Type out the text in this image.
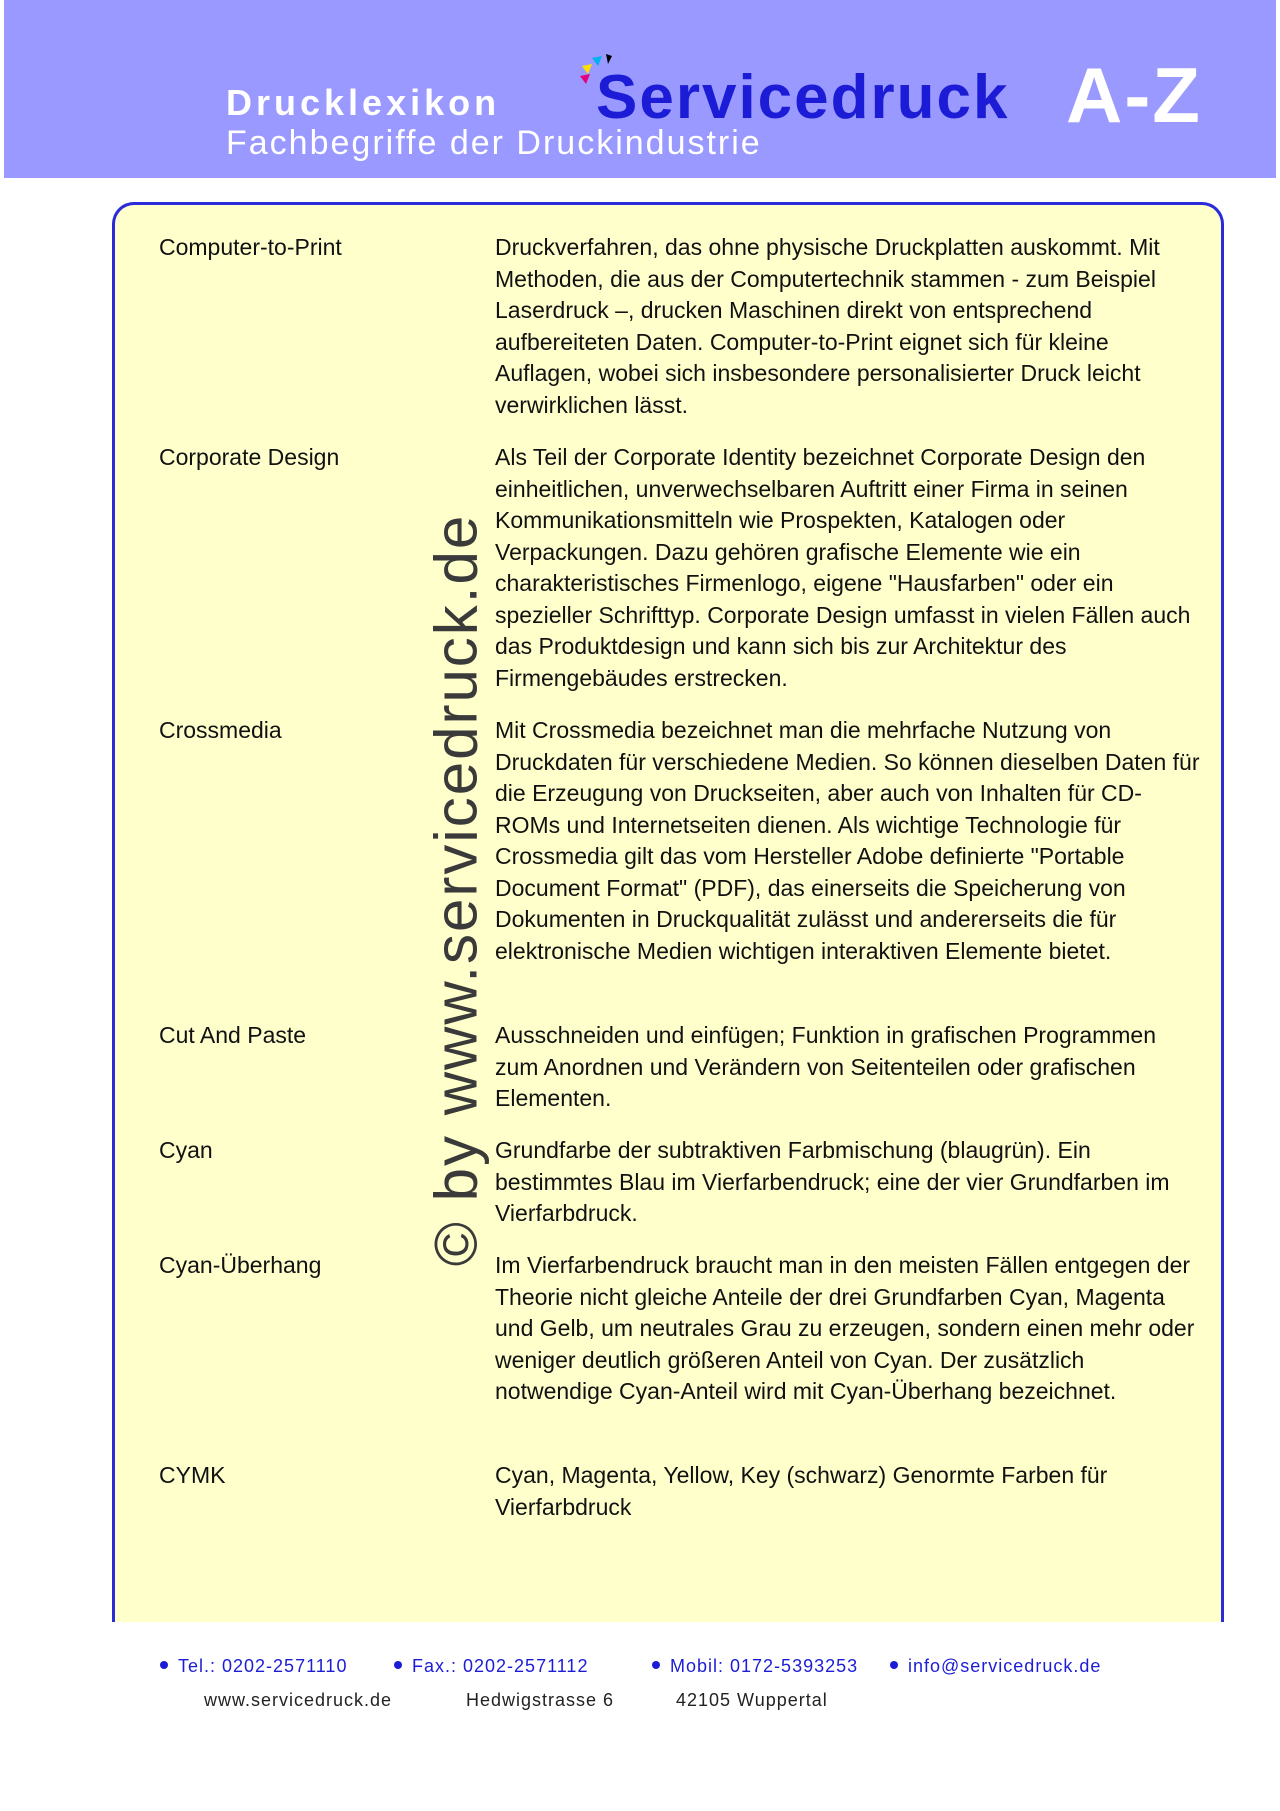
Drucklexikon
Fachbegriffe der Druckindustrie
Servicedruck A-Z
© by www.servicedruck.de
Computer-to-Print	Druckverfahren, das ohne physische Druckplatten auskommt. Mit Methoden, die aus der Computertechnik stammen - zum Beispiel Laserdruck –, drucken Maschinen direkt von entsprechend aufbereiteten Daten. Computer-to-Print eignet sich für kleine Auflagen, wobei sich insbesondere personalisierter Druck leicht verwirklichen lässt.
Corporate Design	Als Teil der Corporate Identity bezeichnet Corporate Design den einheitlichen, unverwechselbaren Auftritt einer Firma in seinen Kommunikationsmitteln wie Prospekten, Katalogen oder Verpackungen. Dazu gehören grafische Elemente wie ein charakteristisches Firmenlogo, eigene "Hausfarben" oder ein spezieller Schrifttyp. Corporate Design umfasst in vielen Fällen auch das Produktdesign und kann sich bis zur Architektur des Firmengebäudes erstrecken.
Crossmedia	Mit Crossmedia bezeichnet man die mehrfache Nutzung von Druckdaten für verschiedene Medien. So können dieselben Daten für die Erzeugung von Druckseiten, aber auch von Inhalten für CD-ROMs und Internetseiten dienen. Als wichtige Technologie für Crossmedia gilt das vom Hersteller Adobe definierte "Portable Document Format" (PDF), das einerseits die Speicherung von Dokumenten in Druckqualität zulässt und andererseits die für elektronische Medien wichtigen interaktiven Elemente bietet.
Cut And Paste	Ausschneiden und einfügen; Funktion in grafischen Programmen zum Anordnen und Verändern von Seitenteilen oder grafischen Elementen.
Cyan	Grundfarbe der subtraktiven Farbmischung (blaugrün). Ein bestimmtes Blau im Vierfarbendruck; eine der vier Grundfarben im Vierfarbdruck.
Cyan-Überhang	Im Vierfarbendruck braucht man in den meisten Fällen entgegen der Theorie nicht gleiche Anteile der drei Grundfarben Cyan, Magenta und Gelb, um neutrales Grau zu erzeugen, sondern einen mehr oder weniger deutlich größeren Anteil von Cyan. Der zusätzlich notwendige Cyan-Anteil wird mit Cyan-Überhang bezeichnet.
CYMK	Cyan, Magenta, Yellow, Key (schwarz) Genormte Farben für Vierfarbdruck
Tel.: 0202-2571110	Fax.: 0202-2571112	Mobil: 0172-5393253	info@servicedruck.de
www.servicedruck.de	Hedwigstrasse 6	42105 Wuppertal
